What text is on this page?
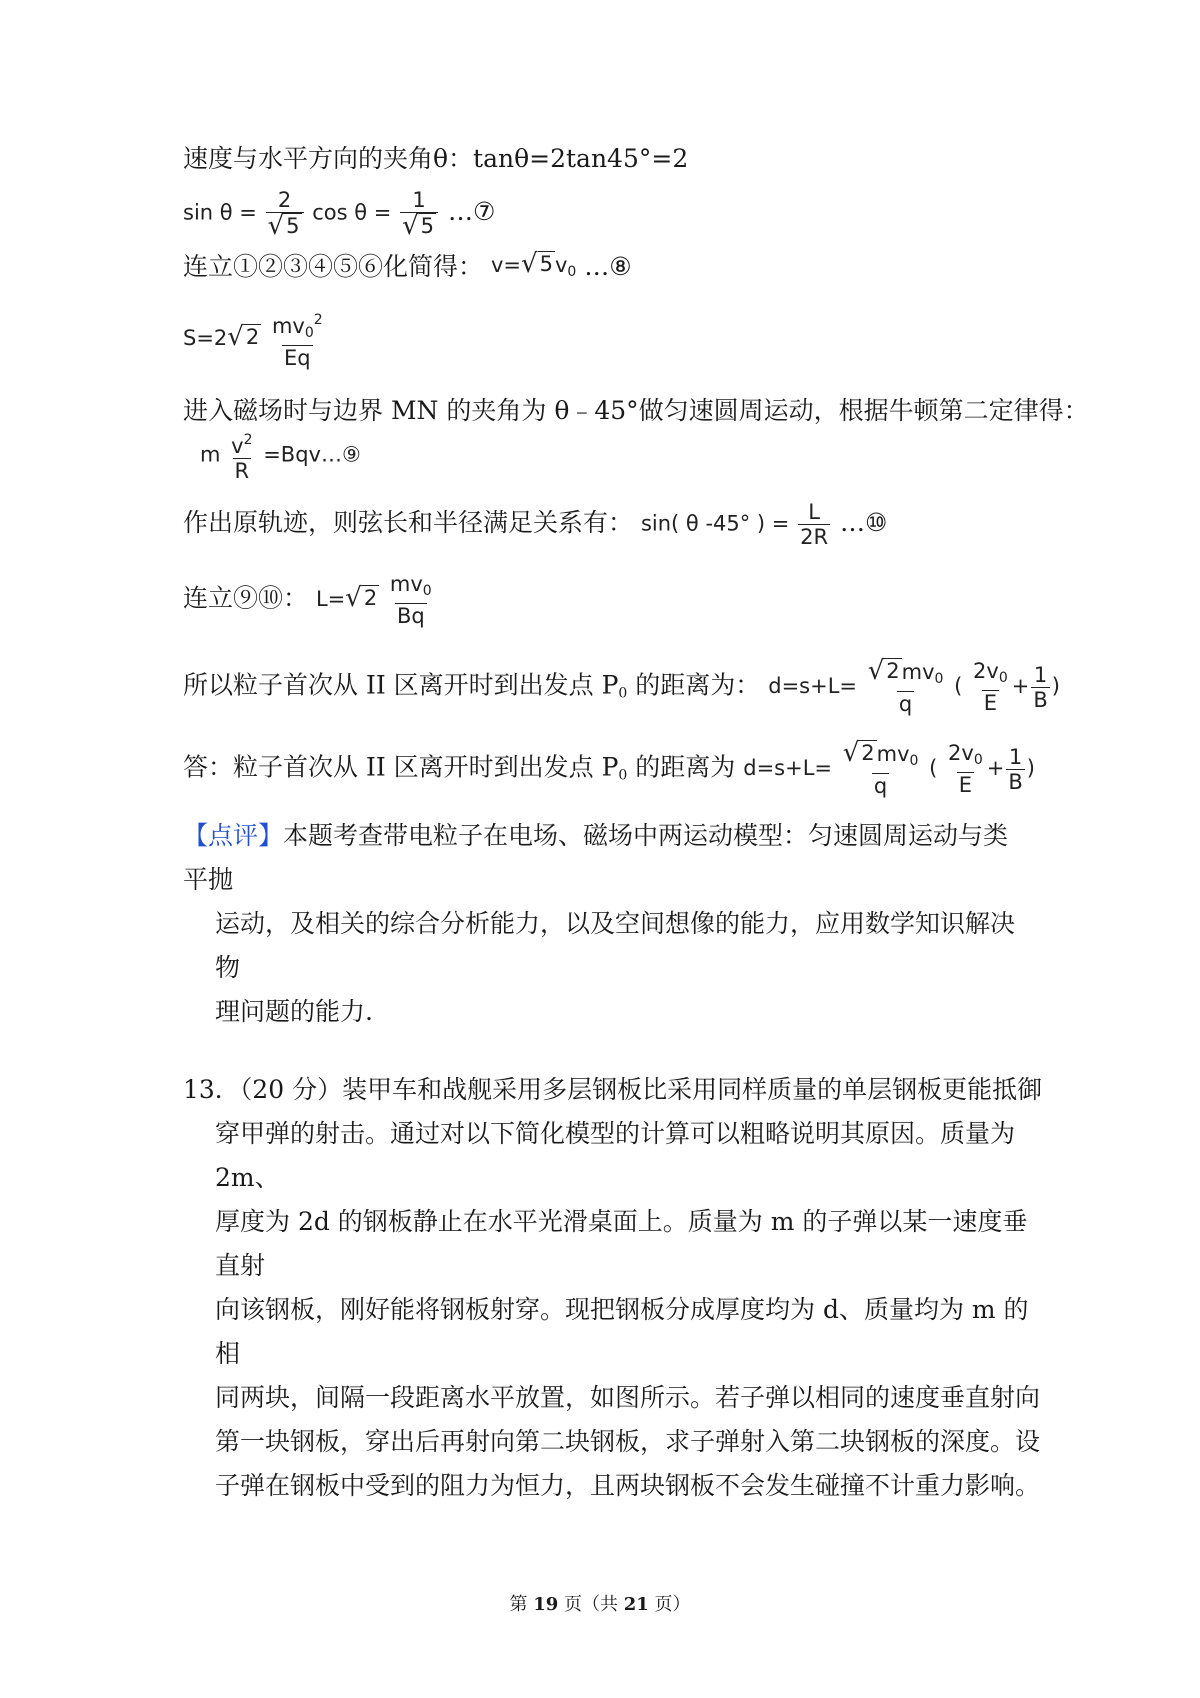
速度与水平方向的夹角θ：tanθ=2tan45°=2
$\sin \theta = \frac{2}{√ 5}$ $\cos \theta = \frac{1}{√ 5}$ …⑦
连立①②③④⑤⑥化简得： v= √ 5 $v_0$ …⑧
S=2 √ 2
$\frac{mv_0^2}{Eq}$
进入磁场时与边界 MN 的夹角为 θ﹣45°做匀速圆周运动，根据牛顿第二定律得：
m $\frac{v^2}{R}$ =Bqv…⑨
作出原轨迹，则弦长和半径满足关系有： sin( θ -45° ) = $\frac{L}{2R}$ …⑩
连立⑨⑩： L= √ 2
$\frac{mv_0}{Bq}$
所以粒子首次从 II 区离开时到出发点 $P_0$ 的距离为： $d=s+L= \frac{√ 2 mv_0}{q}$ ( $\frac{2v_0}{E} + \frac{1}{B}$ )
答：粒子首次从 II 区离开时到出发点 $P_0$ 的距离为 $d=s+L= \frac{√ 2 mv_0}{q}$ ( $\frac{2v_0}{E} + \frac{1}{B}$ )
【点评】本题考查带电粒子在电场、磁场中两运动模型：匀速圆周运动与类平抛
运动，及相关的综合分析能力，以及空间想像的能力，应用数学知识解决物
理问题的能力.
13．（20 分）装甲车和战舰采用多层钢板比采用同样质量的单层钢板更能抵御
穿甲弹的射击。通过对以下简化模型的计算可以粗略说明其原因。质量为 2m、
厚度为 2d 的钢板静止在水平光滑桌面上。质量为 m 的子弹以某一速度垂直射
向该钢板，刚好能将钢板射穿。现把钢板分成厚度均为 d、质量均为 m 的相
同两块，间隔一段距离水平放置，如图所示。若子弹以相同的速度垂直射向
第一块钢板，穿出后再射向第二块钢板，求子弹射入第二块钢板的深度。设
子弹在钢板中受到的阻力为恒力，且两块钢板不会发生碰撞不计重力影响。
第 19 页（共 21 页）
